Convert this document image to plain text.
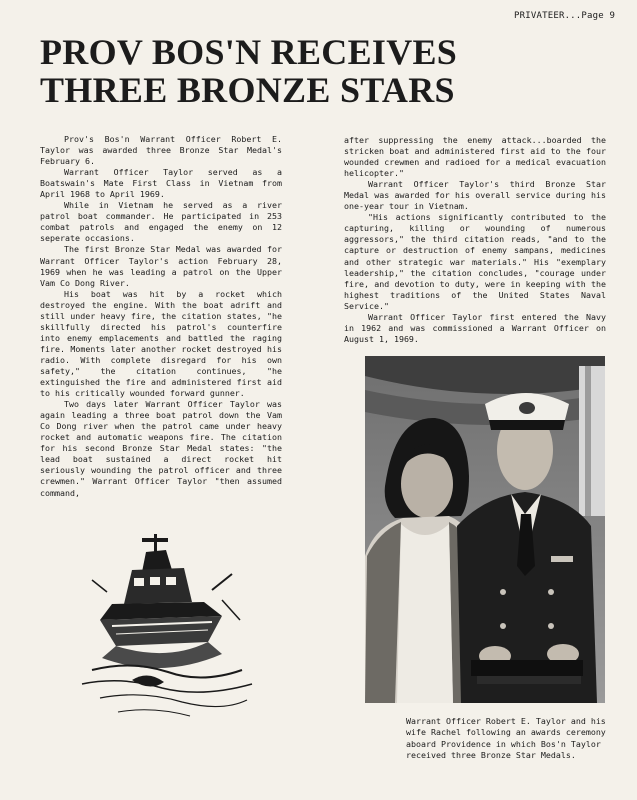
PRIVATEER...Page 9
PROV BOS'N RECEIVES
THREE BRONZE STARS

Prov's Bos'n Warrant Officer Robert E. Taylor was awarded three Bronze Star Medal's February 6.

Warrant Officer Taylor served as a Boatswain's Mate First Class in Vietnam from April 1968 to April 1969.

While in Vietnam he served as a river patrol boat commander. He participated in 253 combat patrols and engaged the enemy on 12 seperate occasions.

The first Bronze Star Medal was awarded for Warrant Officer Taylor's action February 28, 1969 when he was leading a patrol on the Upper Vam Co Dong River.

His boat was hit by a rocket which destroyed the engine. With the boat adrift and still under heavy fire, the citation states, "he skillfully directed his patrol's counterfire into enemy emplacements and battled the raging fire. Moments later another rocket destroyed his radio. With complete disregard for his own safety," the citation continues, "he extinguished the fire and administered first aid to his critically wounded forward gunner.

Two days later Warrant Officer Taylor was again leading a three boat patrol down the Vam Co Dong river when the patrol came under heavy rocket and automatic weapons fire. The citation for his second Bronze Star Medal states: "the lead boat sustained a direct rocket hit seriously wounding the patrol officer and three crewmen." Warrant Officer Taylor "then assumed command,

after suppressing the enemy attack...boarded the stricken boat and administered first aid to the four wounded crewmen and radioed for a medical evacuation helicopter."

Warrant Officer Taylor's third Bronze Star Medal was awarded for his overall service during his one-year tour in Vietnam.

"His actions significantly contributed to the capturing, killing or wounding of numerous aggressors," the third citation reads, "and to the capture or destruction of enemy sampans, medicines and other strategic war materials." His "exemplary leadership," the citation concludes, "courage under fire, and devotion to duty, were in keeping with the highest traditions of the United States Naval Service."

Warrant Officer Taylor first entered the Navy in 1962 and was commissioned a Warrant Officer on August 1, 1969.

Warrant Officer Robert E. Taylor and his wife Rachel following an awards ceremony aboard Providence in which Bos'n Taylor received three Bronze Star Medals.
